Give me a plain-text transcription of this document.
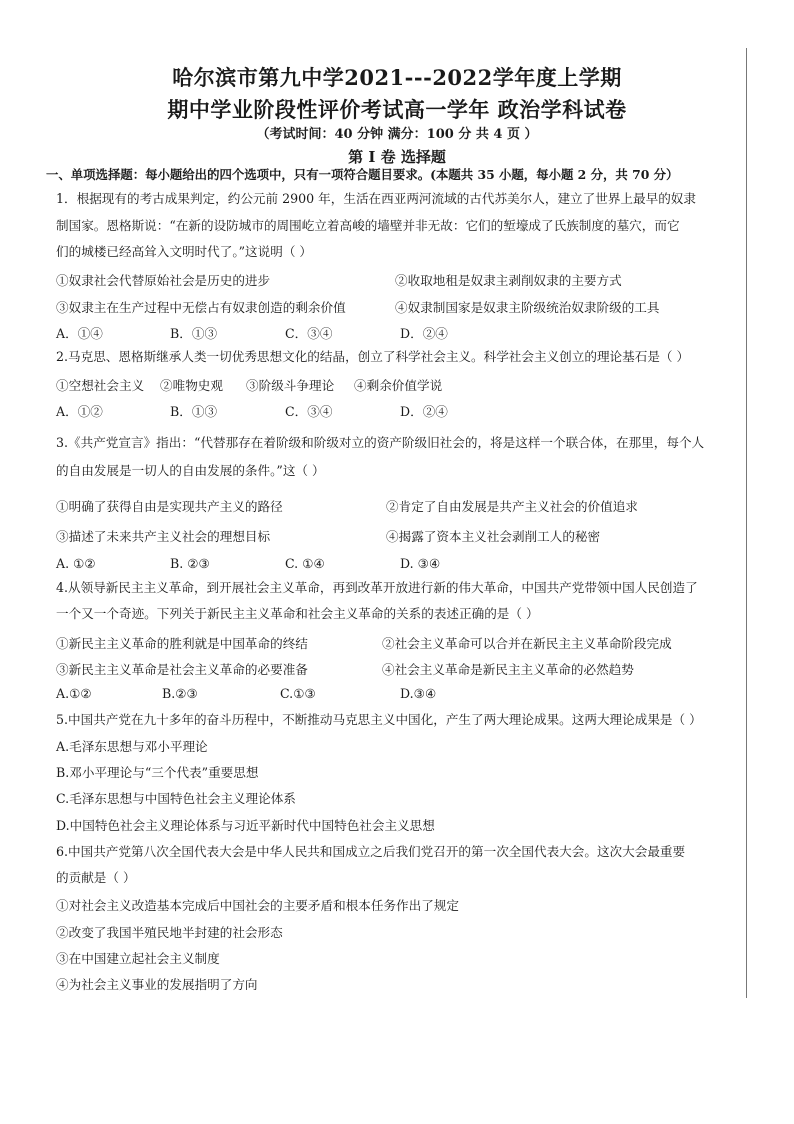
哈尔滨市第九中学2021---2022学年度上学期
期中学业阶段性评价考试高一学年 政治学科试卷
（考试时间：40 分钟 满分：100 分 共 4 页 ）
第 I 卷 选择题
一、单项选择题：每小题给出的四个选项中，只有一项符合题目要求。(本题共 35 小题，每小题 2 分，共 70 分）
1．根据现有的考古成果判定，约公元前 2900 年，生活在西亚两河流域的古代苏美尔人，建立了世界上最早的奴隶
制国家。恩格斯说：“在新的设防城市的周围屹立着高峻的墙壁并非无故：它们的堑壕成了氏族制度的墓穴，而它
们的城楼已经高耸入文明时代了。”这说明（ ）
①奴隶社会代替原始社会是历史的进步	②收取地租是奴隶主剥削奴隶的主要方式
③奴隶主在生产过程中无偿占有奴隶创造的剩余价值	④奴隶制国家是奴隶主阶级统治奴隶阶级的工具
A．①④	B．①③	C．③④	D．②④
2.马克思、恩格斯继承人类一切优秀思想文化的结晶，创立了科学社会主义。科学社会主义创立的理论基石是（ ）
①空想社会主义 ②唯物史观 ③阶级斗争理论 ④剩余价值学说
A．①②	B．①③	C．③④	D．②④
3.《共产党宣言》指出：“代替那存在着阶级和阶级对立的资产阶级旧社会的，将是这样一个联合体，在那里，每个人
的自由发展是一切人的自由发展的条件。”这（ ）
①明确了获得自由是实现共产主义的路径	②肯定了自由发展是共产主义社会的价值追求
③描述了未来共产主义社会的理想目标	④揭露了资本主义社会剥削工人的秘密
A. ①②	B. ②③	C. ①④	D. ③④
4.从领导新民主主义革命，到开展社会主义革命，再到改革开放进行新的伟大革命，中国共产党带领中国人民创造了
一个又一个奇迹。下列关于新民主主义革命和社会主义革命的关系的表述正确的是（ ）
①新民主主义革命的胜利就是中国革命的终结	②社会主义革命可以合并在新民主主义革命阶段完成
③新民主主义革命是社会主义革命的必要准备	④社会主义革命是新民主主义革命的必然趋势
A.①②	B.②③	C.①③	D.③④
5.中国共产党在九十多年的奋斗历程中，不断推动马克思主义中国化，产生了两大理论成果。这两大理论成果是（ ）
A.毛泽东思想与邓小平理论
B.邓小平理论与“三个代表”重要思想
C.毛泽东思想与中国特色社会主义理论体系
D.中国特色社会主义理论体系与习近平新时代中国特色社会主义思想
6.中国共产党第八次全国代表大会是中华人民共和国成立之后我们党召开的第一次全国代表大会。这次大会最重要
的贡献是（ ）
①对社会主义改造基本完成后中国社会的主要矛盾和根本任务作出了规定
②改变了我国半殖民地半封建的社会形态
③在中国建立起社会主义制度
④为社会主义事业的发展指明了方向
